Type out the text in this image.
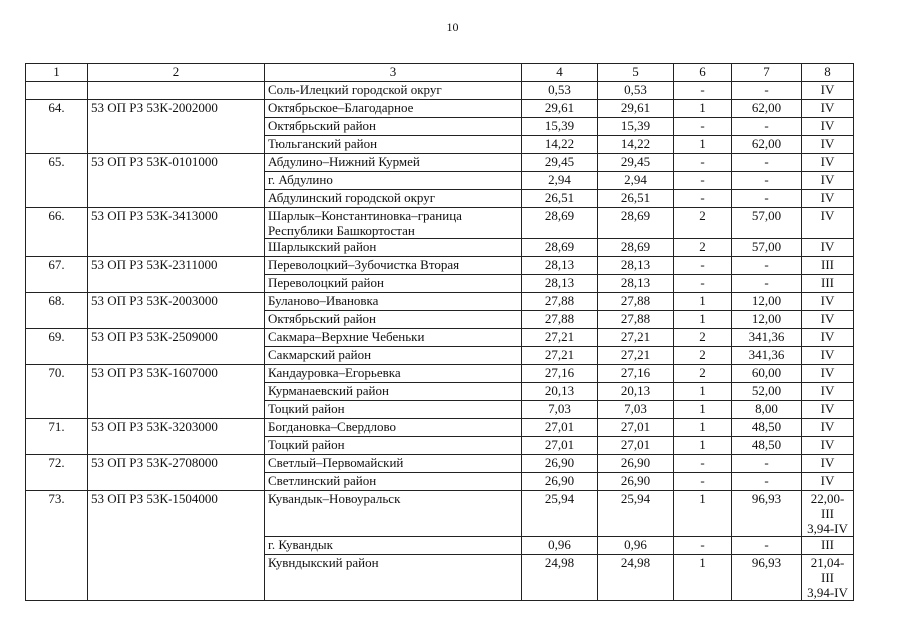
10
1	2	3	4	5	6	7	8
		Соль-Илецкий городской округ	0,53	0,53	-	-	IV
64.	53 ОП РЗ 53К-2002000	Октябрьское–Благодарное	29,61	29,61	1	62,00	IV
		Октябрьский район	15,39	15,39	-	-	IV
		Тюльганский район	14,22	14,22	1	62,00	IV
65.	53 ОП РЗ 53К-0101000	Абдулино–Нижний Курмей	29,45	29,45	-	-	IV
		г. Абдулино	2,94	2,94	-	-	IV
		Абдулинский городской округ	26,51	26,51	-	-	IV
66.	53 ОП РЗ 53К-3413000	Шарлык–Константиновка–граница Республики Башкортостан	28,69	28,69	2	57,00	IV
		Шарлыкский район	28,69	28,69	2	57,00	IV
67.	53 ОП РЗ 53К-2311000	Переволоцкий–Зубочистка Вторая	28,13	28,13	-	-	III
		Переволоцкий район	28,13	28,13	-	-	III
68.	53 ОП РЗ 53К-2003000	Буланово–Ивановка	27,88	27,88	1	12,00	IV
		Октябрьский район	27,88	27,88	1	12,00	IV
69.	53 ОП РЗ 53К-2509000	Сакмара–Верхние Чебеньки	27,21	27,21	2	341,36	IV
		Сакмарский район	27,21	27,21	2	341,36	IV
70.	53 ОП РЗ 53К-1607000	Кандауровка–Егорьевка	27,16	27,16	2	60,00	IV
		Курманаевский район	20,13	20,13	1	52,00	IV
		Тоцкий район	7,03	7,03	1	8,00	IV
71.	53 ОП РЗ 53К-3203000	Богдановка–Свердлово	27,01	27,01	1	48,50	IV
		Тоцкий район	27,01	27,01	1	48,50	IV
72.	53 ОП РЗ 53К-2708000	Светлый–Первомайский	26,90	26,90	-	-	IV
		Светлинский район	26,90	26,90	-	-	IV
73.	53 ОП РЗ 53К-1504000	Кувандык–Новоуральск	25,94	25,94	1	96,93	22,00-III
3,94-IV
		г. Кувандык	0,96	0,96	-	-	III
		Кувндыкский район	24,98	24,98	1	96,93	21,04-III
3,94-IV
